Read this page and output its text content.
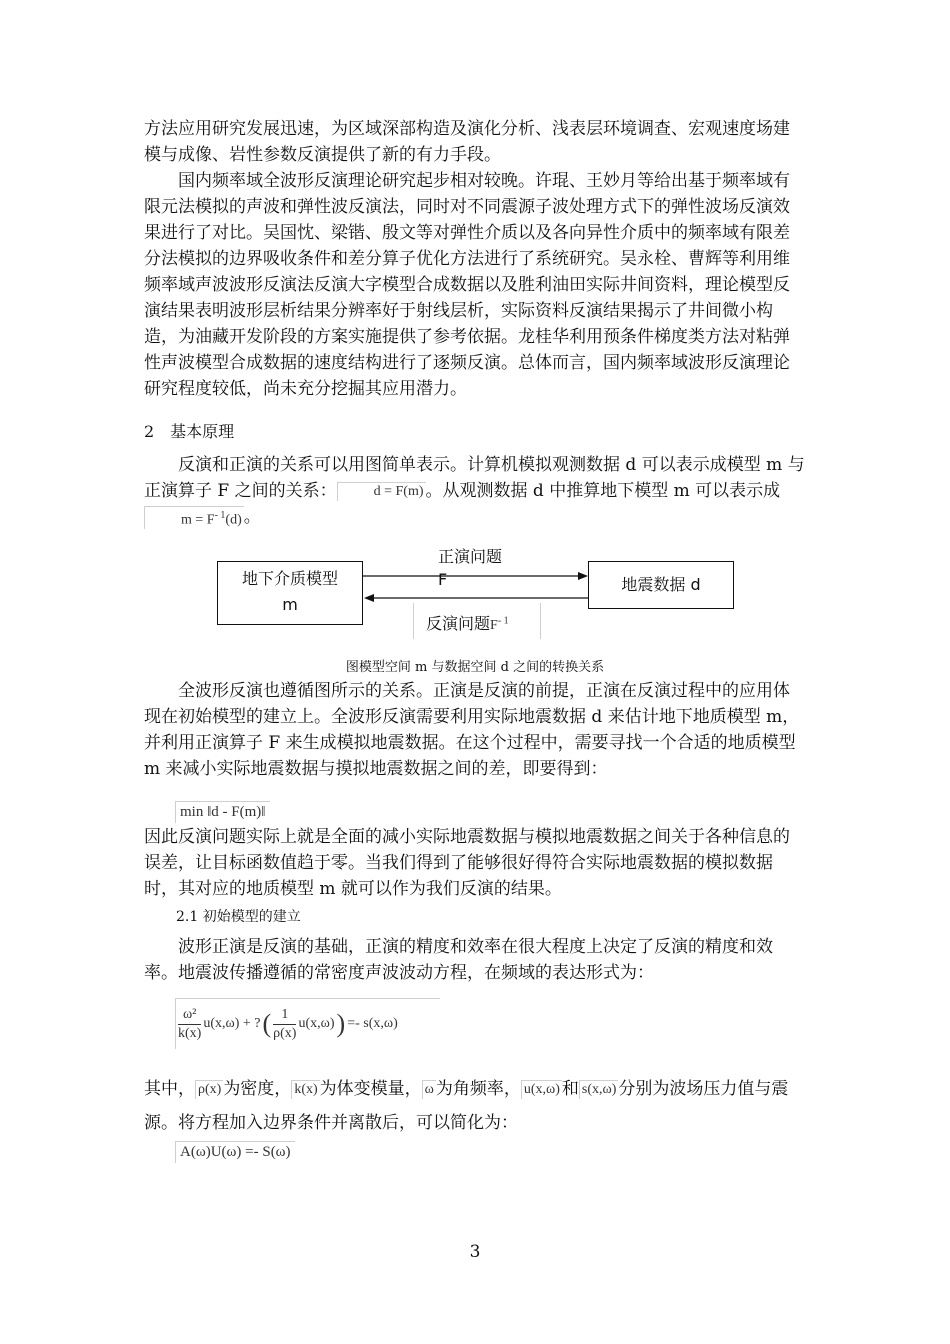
方法应用研究发展迅速，为区域深部构造及演化分析、浅表层环境调查、宏观速度场建模与成像、岩性参数反演提供了新的有力手段。

国内频率域全波形反演理论研究起步相对较晚。许琨、王妙月等给出基于频率域有限元法模拟的声波和弹性波反演法，同时对不同震源子波处理方式下的弹性波场反演效果进行了对比。吴国忱、梁锴、殷文等对弹性介质以及各向异性介质中的频率域有限差分法模拟的边界吸收条件和差分算子优化方法进行了系统研究。吴永栓、曹辉等利用维频率域声波波形反演法反演大字模型合成数据以及胜利油田实际井间资料，理论模型反演结果表明波形层析结果分辨率好于射线层析，实际资料反演结果揭示了井间微小构造，为油藏开发阶段的方案实施提供了参考依据。龙桂华利用预条件梯度类方法对粘弹性声波模型合成数据的速度结构进行了逐频反演。总体而言，国内频率域波形反演理论研究程度较低，尚未充分挖掘其应用潜力。

2　基本原理

反演和正演的关系可以用图简单表示。计算机模拟观测数据 d 可以表示成模型 m 与正演算子 F 之间的关系：	d = F(m) 。从观测数据 d 中推算地下模型 m 可以表示成$m = F^{- 1}(d)$ 。

正演问题
地下介质模型
m
地震数据 d
F
反演问题$F^{- 1}$
图模型空间 m 与数据空间 d 之间的转换关系

全波形反演也遵循图所示的关系。正演是反演的前提，正演在反演过程中的应用体现在初始模型的建立上。全波形反演需要利用实际地震数据 d 来估计地下地质模型 m，并利用正演算子 F 来生成模拟地震数据。在这个过程中，需要寻找一个合适的地质模型 m 来减小实际地震数据与摸拟地震数据之间的差，即要得到：

min ‖d - F(m)‖

因此反演问题实际上就是全面的减小实际地震数据与模拟地震数据之间关于各种信息的误差，让目标函数值趋于零。当我们得到了能够很好得符合实际地震数据的模拟数据时，其对应的地质模型 m 就可以作为我们反演的结果。

2.1 初始模型的建立

波形正演是反演的基础，正演的精度和效率在很大程度上决定了反演的精度和效率。地震波传播遵循的常密度声波波动方程，在频域的表达形式为：

$\frac{\text{ω²}}{k(x)} u(x,\omega)$ + ? ( $\frac{1}{\rho(x)} u(x,\omega)$ ) =- s(x,ω)

其中， ρ(x) 为密度， k(x) 为体变模量， ω 为角频率， u(x,ω) 和 s(x,ω) 分别为波场压力值与震源。将方程加入边界条件并离散后，可以简化为：

A(ω)U(ω) =- S(ω)
3
